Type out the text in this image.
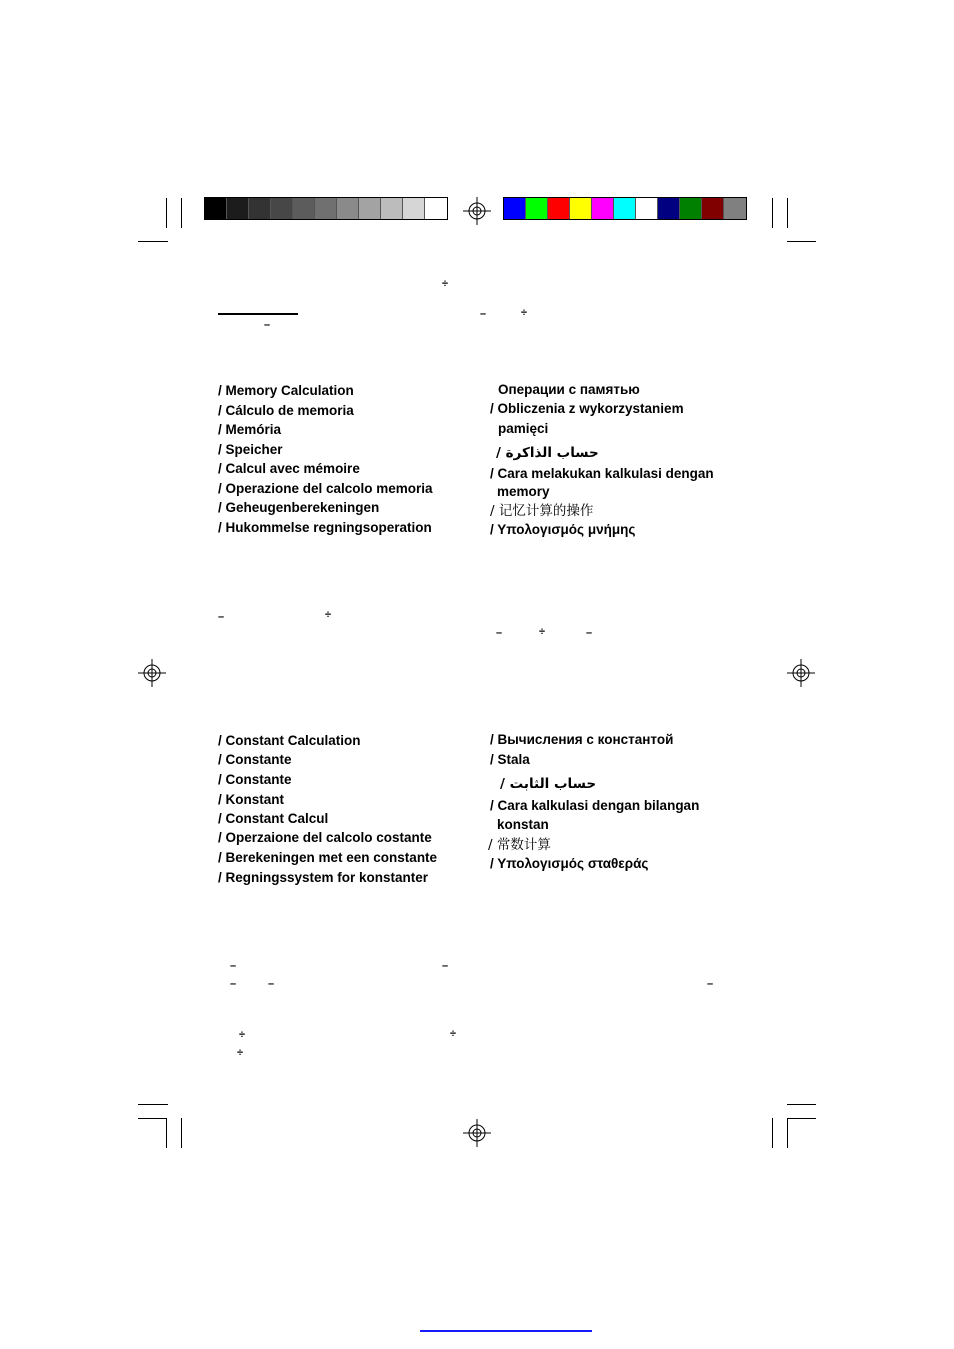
÷
–
–	÷
/ Memory Calculation
/ Cálculo de memoria
/ Memória
/ Speicher
/ Calcul avec mémoire
/ Operazione del calcolo memoria
/ Geheugenberekeningen
/ Hukommelse regningsoperation
Операции с памятью
/ Obliczenia z wykorzystaniem
pamięci
حساب الذاكرة /
/ Cara melakukan kalkulasi dengan
memory
/ 记忆计算的操作
/ Υπολογισμός μνήμης
–	÷
–	÷	–
/ Constant Calculation
/ Constante
/ Constante
/ Konstant
/ Constant Calcul
/ Operzaione del calcolo costante
/ Berekeningen met een constante
/ Regningssystem for konstanter
/ Вычисления с константой
/ Stala
حساب الثابت /
/ Cara kalkulasi dengan bilangan
konstan
/ 常数计算
/ Υπολογισμός σταθεράς
–	–
–	–	–
÷	÷
÷
